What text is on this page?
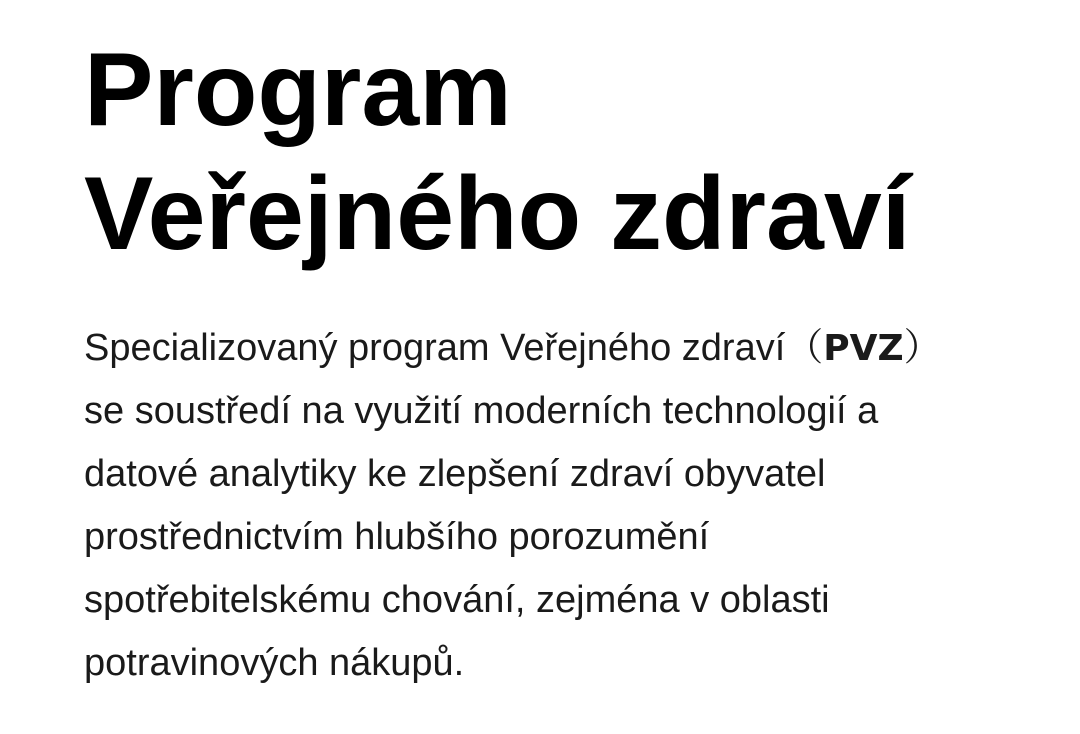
Program
Veřejného zdraví

Specializovaný program Veřejného zdraví（PVZ）
se soustředí na využití moderních technologií a
datové analytiky ke zlepšení zdraví obyvatel
prostřednictvím hlubšího porozumění
spotřebitelskému chování, zejména v oblasti
potravinových nákupů.
